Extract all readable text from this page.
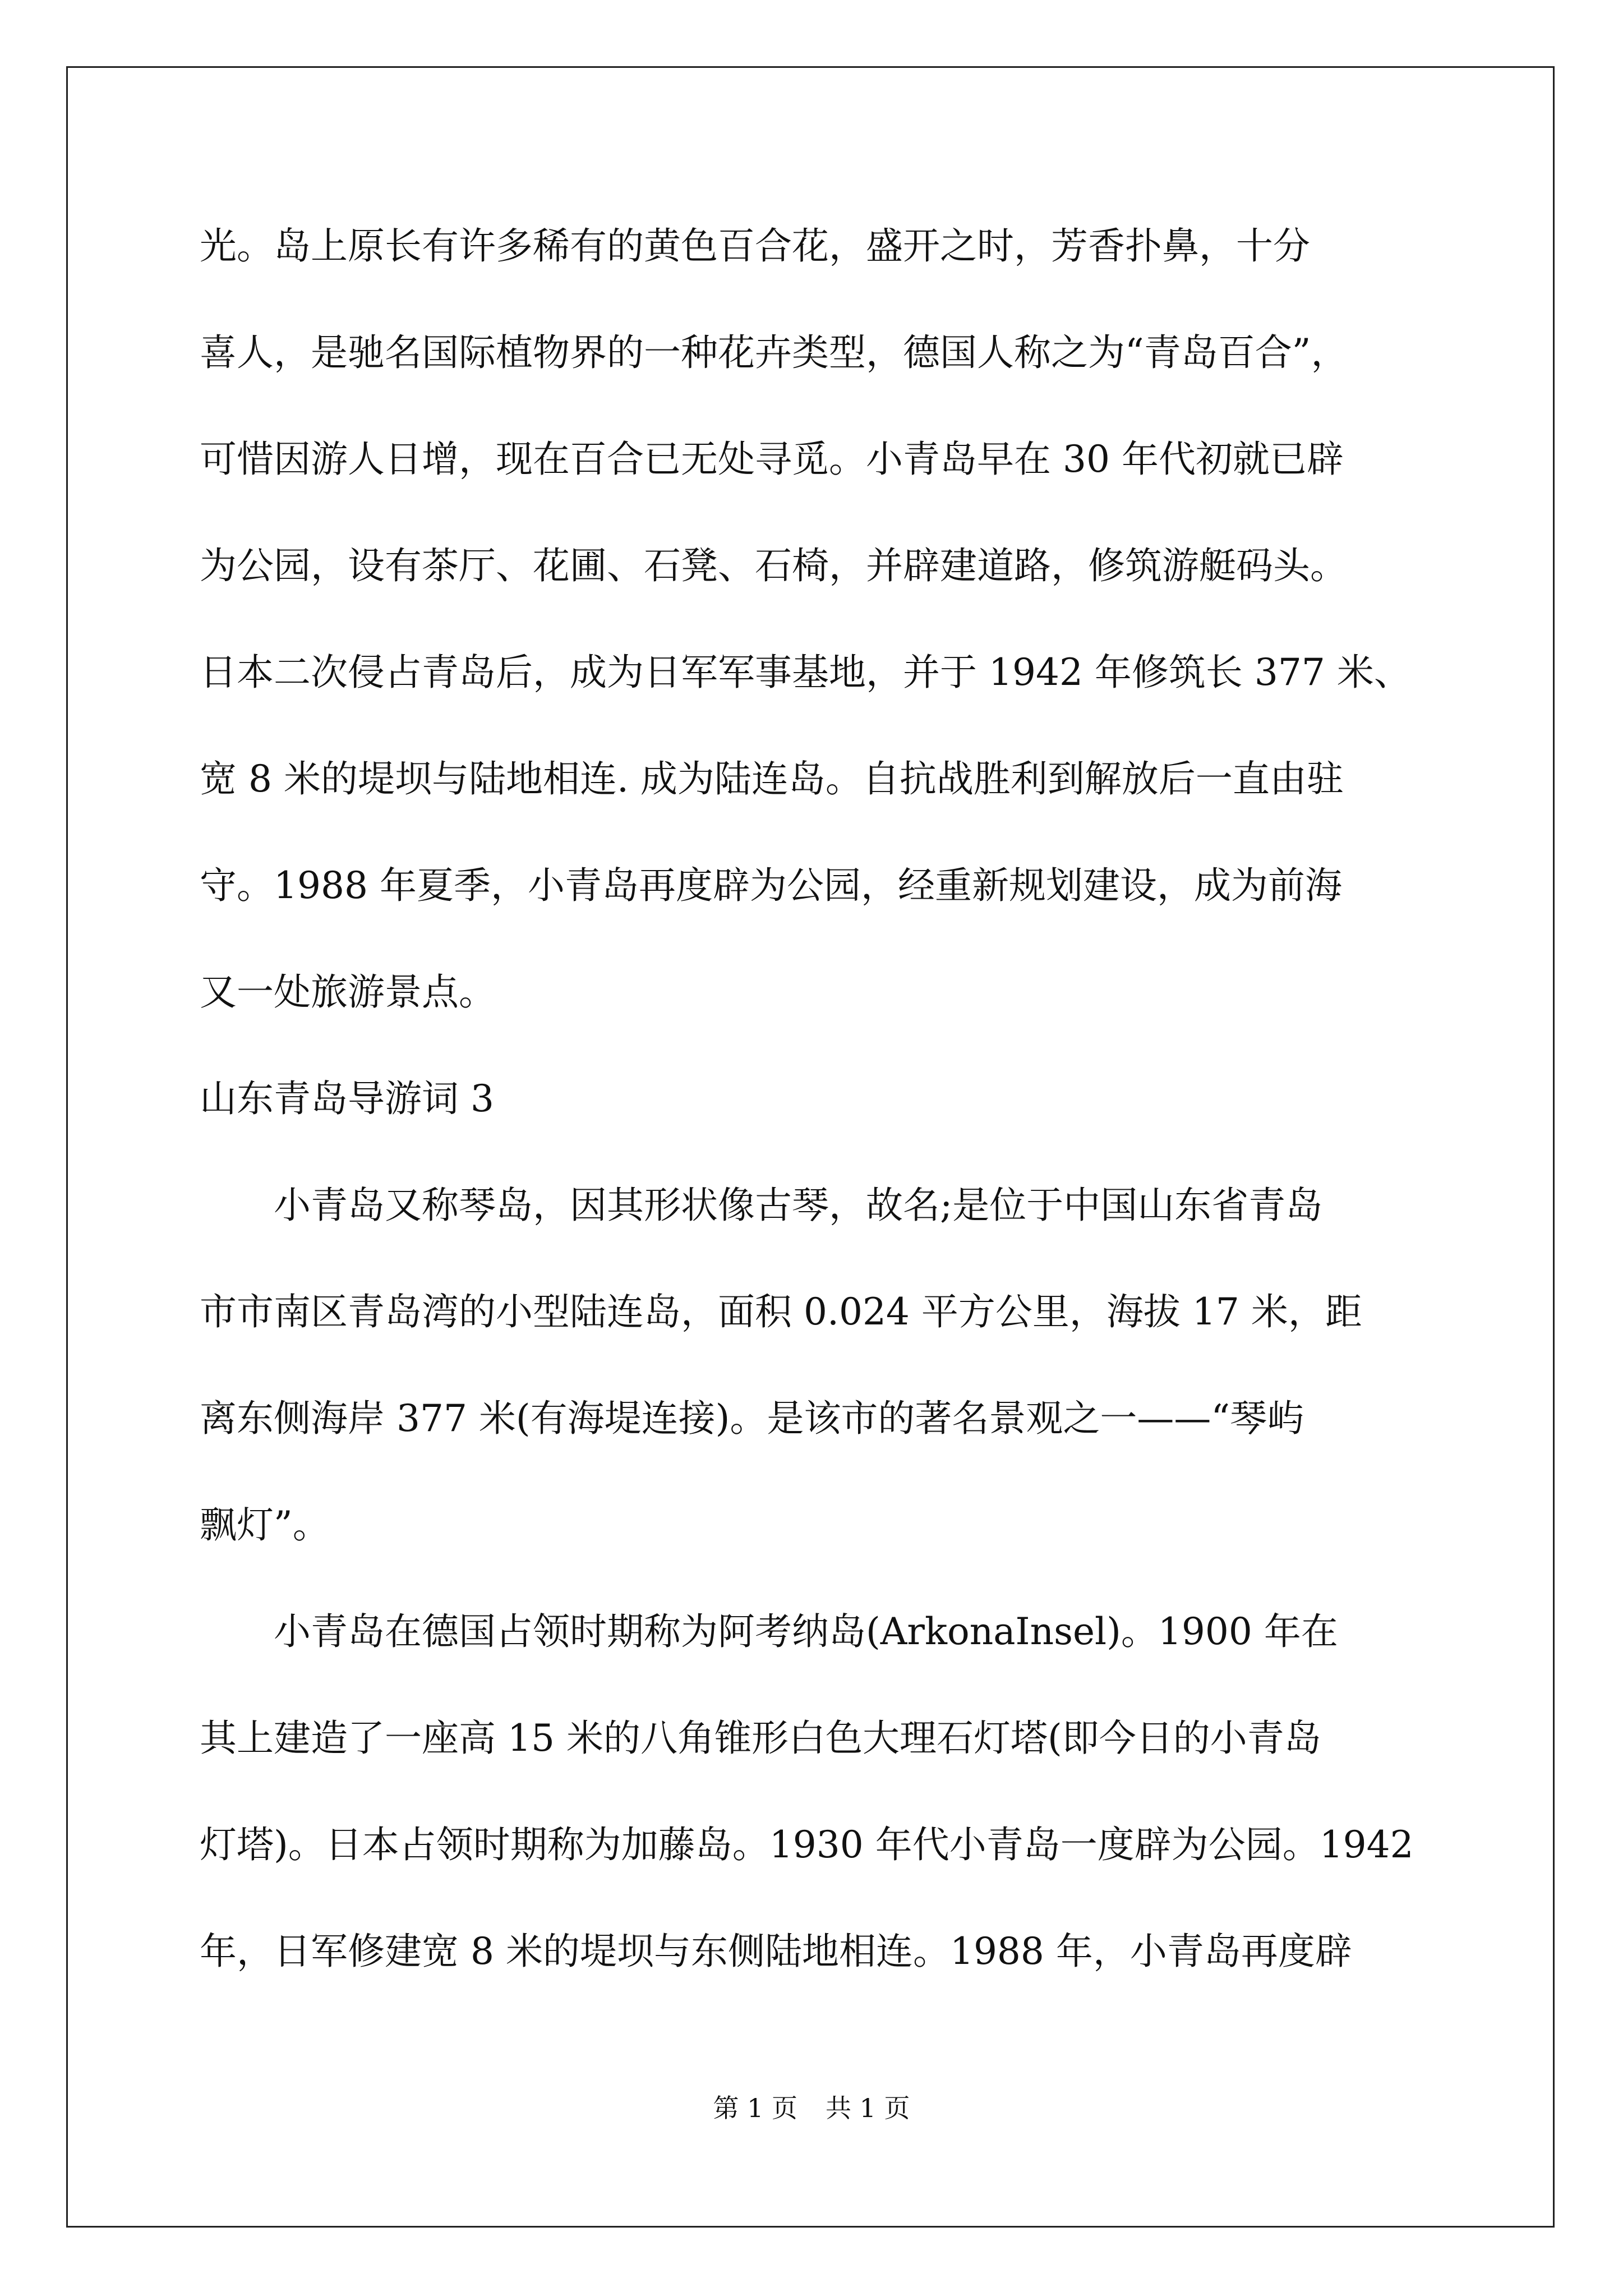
光。岛上原长有许多稀有的黄色百合花，盛开之时，芳香扑鼻，十分
喜人，是驰名国际植物界的一种花卉类型，德国人称之为“青岛百合”，
可惜因游人日增，现在百合已无处寻觅。小青岛早在 30 年代初就已辟
为公园，设有茶厅、花圃、石凳、石椅，并辟建道路，修筑游艇码头。
日本二次侵占青岛后，成为日军军事基地，并于 1942 年修筑长 377 米、
宽 8 米的堤坝与陆地相连. 成为陆连岛。自抗战胜利到解放后一直由驻
守。1988 年夏季，小青岛再度辟为公园，经重新规划建设，成为前海
又一处旅游景点。
山东青岛导游词 3
小青岛又称琴岛，因其形状像古琴，故名;是位于中国山东省青岛
市市南区青岛湾的小型陆连岛，面积 0.024 平方公里，海拔 17 米，距
离东侧海岸 377 米(有海堤连接)。是该市的著名景观之一——“琴屿
飘灯”。
小青岛在德国占领时期称为阿考纳岛(ArkonaInsel)。1900 年在
其上建造了一座高 15 米的八角锥形白色大理石灯塔(即今日的小青岛
灯塔)。日本占领时期称为加藤岛。1930 年代小青岛一度辟为公园。1942
年，日军修建宽 8 米的堤坝与东侧陆地相连。1988 年，小青岛再度辟
第 1 页 共 1 页
